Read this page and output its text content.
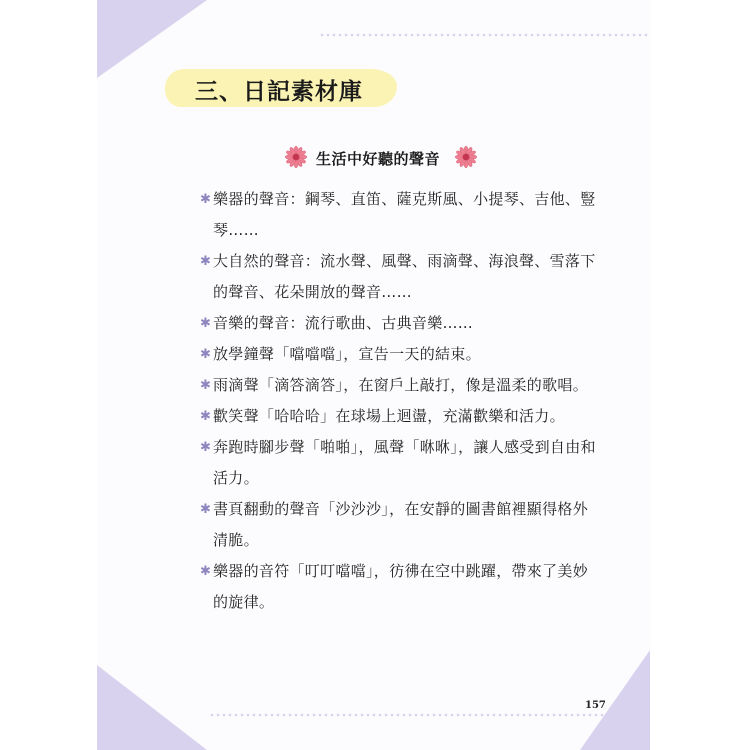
三、日記素材庫
生活中好聽的聲音
✱ 樂器的聲音：鋼琴、直笛、薩克斯風、小提琴、吉他、豎琴……
✱ 大自然的聲音：流水聲、風聲、雨滴聲、海浪聲、雪落下的聲音、花朵開放的聲音……
✱ 音樂的聲音：流行歌曲、古典音樂……
✱ 放學鐘聲「噹噹噹」，宣告一天的結束。
✱ 雨滴聲「滴答滴答」，在窗戶上敲打，像是溫柔的歌唱。
✱ 歡笑聲「哈哈哈」在球場上迴盪，充滿歡樂和活力。
✱ 奔跑時腳步聲「啪啪」，風聲「咻咻」，讓人感受到自由和活力。
✱ 書頁翻動的聲音「沙沙沙」，在安靜的圖書館裡顯得格外清脆。
✱ 樂器的音符「叮叮噹噹」，彷彿在空中跳躍，帶來了美妙的旋律。
157
